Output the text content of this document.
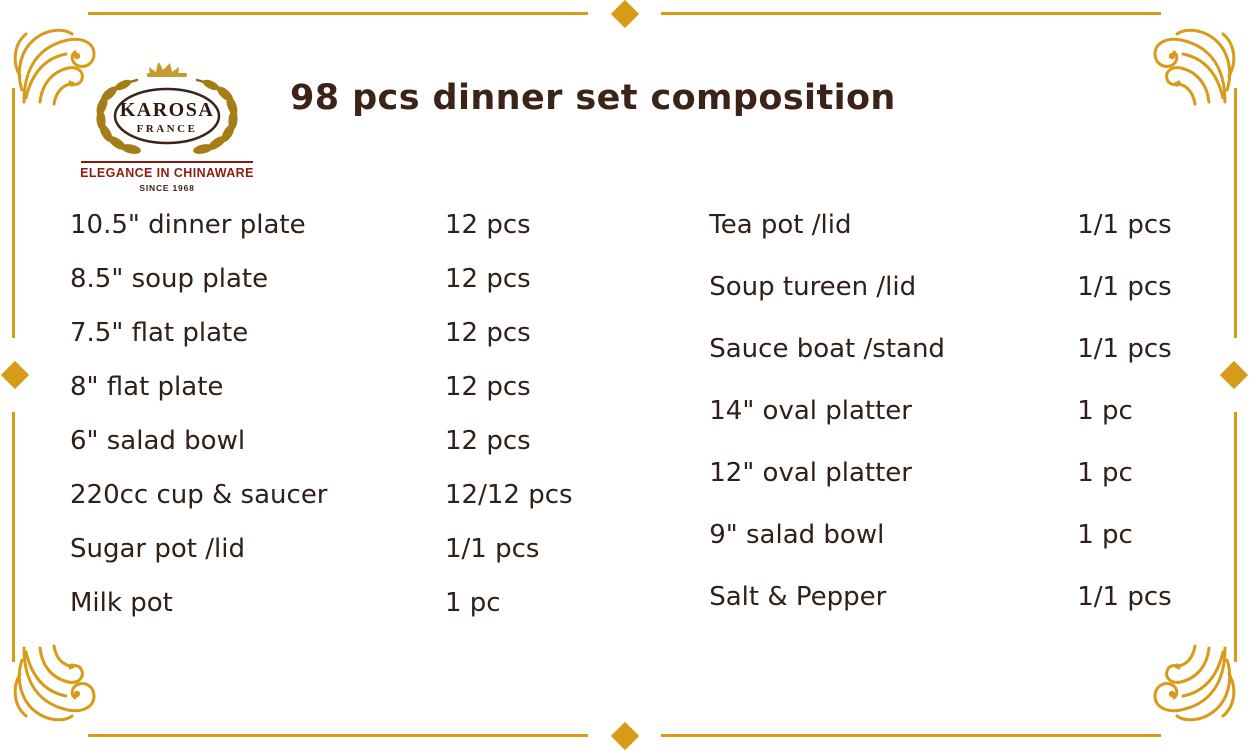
KAROSA
FRANCE
ELEGANCE IN CHINAWARE
SINCE 1968
98 pcs dinner set composition
10.5" dinner plate	12 pcs
8.5" soup plate	12 pcs
7.5" flat plate	12 pcs
8" flat plate	12 pcs
6" salad bowl	12 pcs
220cc cup & saucer	12/12 pcs
Sugar pot /lid	1/1 pcs
Milk pot	1 pc
Tea pot /lid	1/1 pcs
Soup tureen /lid	1/1 pcs
Sauce boat /stand	1/1 pcs
14" oval platter	1 pc
12" oval platter	1 pc
9" salad bowl	1 pc
Salt & Pepper	1/1 pcs
